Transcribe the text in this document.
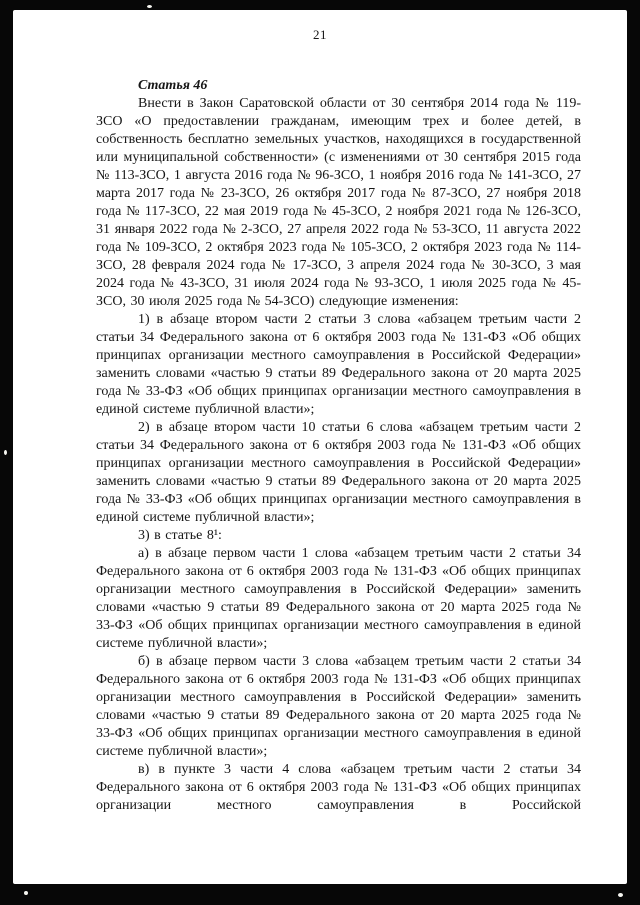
21

Статья 46

Внести в Закон Саратовской области от 30 сентября 2014 года № 119-ЗСО «О предоставлении гражданам, имеющим трех и более детей, в собственность бесплатно земельных участков, находящихся в государственной или муниципальной собственности» (с изменениями от 30 сентября 2015 года № 113-ЗСО, 1 августа 2016 года № 96-ЗСО, 1 ноября 2016 года № 141-ЗСО, 27 марта 2017 года № 23-ЗСО, 26 октября 2017 года № 87-ЗСО, 27 ноября 2018 года № 117-ЗСО, 22 мая 2019 года № 45-ЗСО, 2 ноября 2021 года № 126-ЗСО, 31 января 2022 года № 2-ЗСО, 27 апреля 2022 года № 53-ЗСО, 11 августа 2022 года № 109-ЗСО, 2 октября 2023 года № 105-ЗСО, 2 октября 2023 года № 114-ЗСО, 28 февраля 2024 года № 17-ЗСО, 3 апреля 2024 года № 30-ЗСО, 3 мая 2024 года № 43-ЗСО, 31 июля 2024 года № 93-ЗСО, 1 июля 2025 года № 45-ЗСО, 30 июля 2025 года № 54-ЗСО) следующие изменения:

1) в абзаце втором части 2 статьи 3 слова «абзацем третьим части 2 статьи 34 Федерального закона от 6 октября 2003 года № 131-ФЗ «Об общих принципах организации местного самоуправления в Российской Федерации» заменить словами «частью 9 статьи 89 Федерального закона от 20 марта 2025 года № 33-ФЗ «Об общих принципах организации местного самоуправления в единой системе публичной власти»;

2) в абзаце втором части 10 статьи 6 слова «абзацем третьим части 2 статьи 34 Федерального закона от 6 октября 2003 года № 131-ФЗ «Об общих принципах организации местного самоуправления в Российской Федерации» заменить словами «частью 9 статьи 89 Федерального закона от 20 марта 2025 года № 33-ФЗ «Об общих принципах организации местного самоуправления в единой системе публичной власти»;

3) в статье 8¹:

а) в абзаце первом части 1 слова «абзацем третьим части 2 статьи 34 Федерального закона от 6 октября 2003 года № 131-ФЗ «Об общих принципах организации местного самоуправления в Российской Федерации» заменить словами «частью 9 статьи 89 Федерального закона от 20 марта 2025 года № 33-ФЗ «Об общих принципах организации местного самоуправления в единой системе публичной власти»;

б) в абзаце первом части 3 слова «абзацем третьим части 2 статьи 34 Федерального закона от 6 октября 2003 года № 131-ФЗ «Об общих принципах организации местного самоуправления в Российской Федерации» заменить словами «частью 9 статьи 89 Федерального закона от 20 марта 2025 года № 33-ФЗ «Об общих принципах организации местного самоуправления в единой системе публичной власти»;

в) в пункте 3 части 4 слова «абзацем третьим части 2 статьи 34 Федерального закона от 6 октября 2003 года № 131-ФЗ «Об общих принципах организации местного самоуправления в Российской
